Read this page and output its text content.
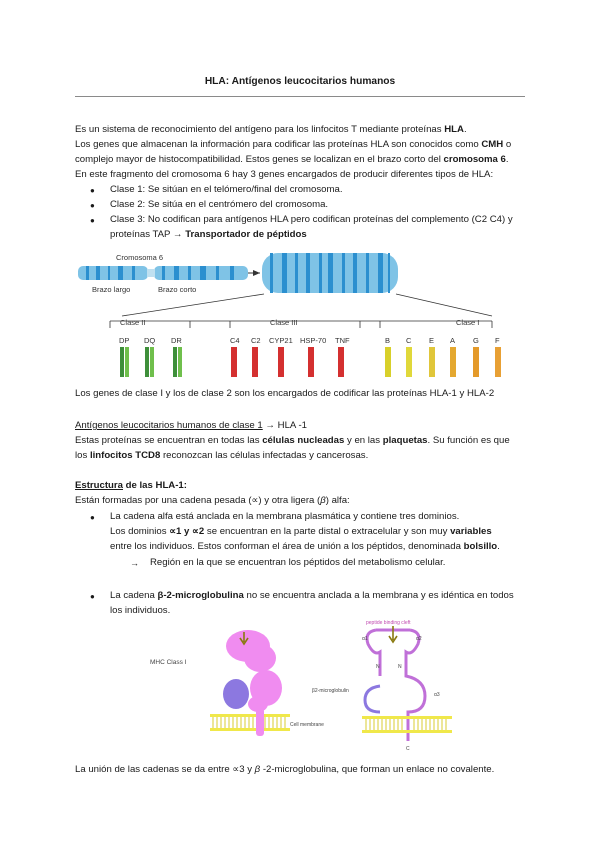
HLA: Antígenos leucocitarios humanos
Es un sistema de reconocimiento del antígeno para los linfocitos T mediante proteínas HLA.
Los genes que almacenan la información para codificar las proteínas HLA son conocidos como CMH o
complejo mayor de histocompatibilidad. Estos genes se localizan en el brazo corto del cromosoma 6.
En este fragmento del cromosoma 6 hay 3 genes encargados de producir diferentes tipos de HLA:
● Clase 1: Se sitúan en el telómero/final del cromosoma.
● Clase 2: Se sitúa en el centrómero del cromosoma.
● Clase 3: No codifican para antígenos HLA pero codifican proteínas del complemento (C2 C4) y
proteínas TAP → Transportador de péptidos
Cromosoma 6
Brazo largo	Brazo corto
Clase II	Clase III	Clase I
DP DQ DR	C4 C2 CYP21 HSP-70 TNF	B C E A G F
Los genes de clase I y los de clase 2 son los encargados de codificar las proteínas HLA-1 y HLA-2
Antígenos leucocitarios humanos de clase 1 → HLA -1
Estas proteínas se encuentran en todas las células nucleadas y en las plaquetas. Su función es que
los linfocitos TCD8 reconozcan las células infectadas y cancerosas.
Estructura de las HLA-1:
Están formadas por una cadena pesada (∝) y otra ligera (β) alfa:
● La cadena alfa está anclada en la membrana plasmática y contiene tres dominios.
Los dominios ∝1 y ∝2 se encuentran en la parte distal o extracelular y son muy variables
entre los individuos. Estos conforman el área de unión a los péptidos, denominada bolsillo.
→ Región en la que se encuentran los péptidos del metabolismo celular.
● La cadena β-2-microglobulina no se encuentra anclada a la membrana y es idéntica en todos
los individuos.
MHC Class I
Cell membrane
peptide binding cleft
α1	α2
α3
β2-microglobulin
N	N
C
La unión de las cadenas se da entre ∝3 y β -2-microglobulina, que forman un enlace no covalente.
